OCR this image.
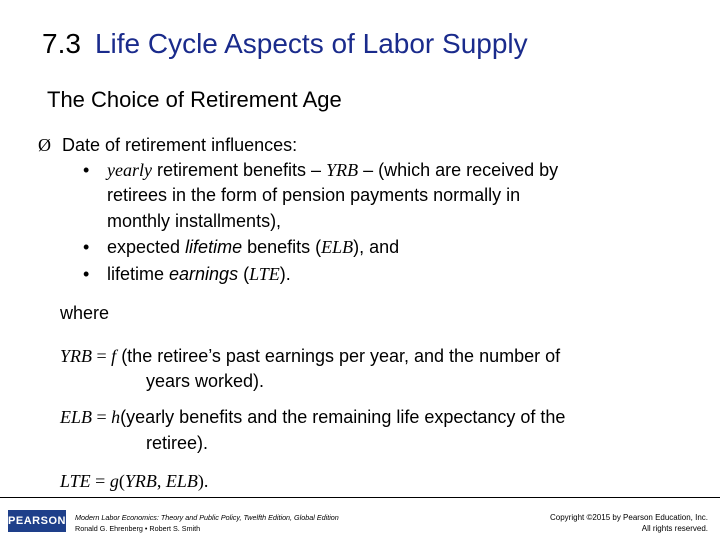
7.3 Life Cycle Aspects of Labor Supply
The Choice of Retirement Age
Ø Date of retirement influences:
• yearly retirement benefits – YRB – (which are received by
retirees in the form of pension payments normally in
monthly installments),
• expected lifetime benefits (ELB), and
• lifetime earnings (LTE).
where
YRB = f (the retiree’s past earnings per year, and the number of
years worked).
ELB = h(yearly benefits and the remaining life expectancy of the
retiree).
LTE = g(YRB, ELB).
PEARSON Modern Labor Economics: Theory and Public Policy, Twelfth Edition, Global Edition
Ronald G. Ehrenberg • Robert S. Smith
Copyright ©2015 by Pearson Education, Inc.
All rights reserved.
